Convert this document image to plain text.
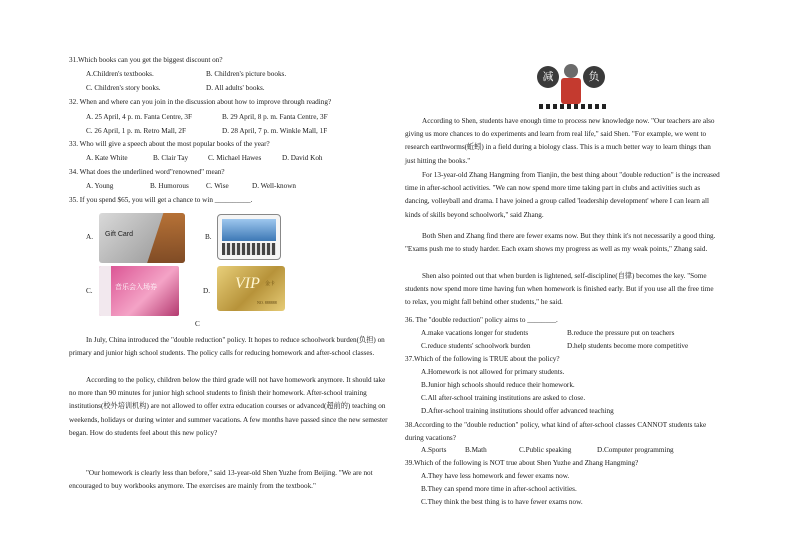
31.Which books can you get the biggest discount on?

A.Children's textbooks.	B. Children's picture books.

C. Children's story books.	D. All adults' books.

32. When and where can you join in the discussion about how to improve through reading?

A. 25 April, 4 p. m. Fanta Centre, 3F	B. 29 April, 8 p. m. Fanta Centre, 3F

C. 26 April, 1 p. m. Retro Mall, 2F	D. 28 April, 7 p. m. Winkle Mall, 1F

33. Who will give a speech about the most popular books of the year?

A. Kate White	B. Clair Tay	C. Michael Hawes	D. David Koh

34. What does the underlined word"renowned" mean?

A. Young	B. Humorous C. Wise	D. Well-known

35. If you spend $65, you will get a chance to win __________.

A. Gift Card	B.

C.	音乐会入场券	D. VIP 金卡
NO. 888888

C

In July, China introduced the "double reduction" policy. It hopes to reduce schoolwork burden(负担) on primary and junior high school students. The policy calls for reducing homework and after-school classes.

According to the policy, children below the third grade will not have homework anymore. It should take no more than 90 minutes for junior high school students to finish their homework. After-school training institutions(校外培训机构) are not allowed to offer extra education courses or advanced(超前的) teaching on weekends, holidays or during winter and summer vacations. A few months have passed since the new semester began. How do students feel about this new policy?

"Our homework is clearly less than before," said 13-year-old Shen Yuzhe from Beijing. "We are not encouraged to buy workbooks anymore. The exercises are mainly from the textbook."

减	负

According to Shen, students have enough time to process new knowledge now. "Our teachers are also giving us more chances to do experiments and learn from real life," said Shen. "For example, we went to research earthworms(蚯蚓) in a field during a biology class. This is a much better way to learn things than just hitting the books."

For 13-year-old Zhang Hangming from Tianjin, the best thing about "double reduction" is the increased time in after-school activities. "We can now spend more time taking part in clubs and activities such as dancing, volleyball and drama. I have joined a group called 'leadership development' where I can learn all kinds of skills beyond schoolwork," said Zhang.

Both Shen and Zhang find there are fewer exams now. But they think it's not necessarily a good thing. "Exams push me to study harder. Each exam shows my progress as well as my weak points," Zhang said.

Shen also pointed out that when burden is lightened, self-discipline(自律) becomes the key. "Some students now spend more time having fun when homework is finished early. But if you use all the free time to relax, you might fall behind other students," he said.

36. The "double reduction" policy aims to ________.

A.make vacations longer for students	B.reduce the pressure put on teachers

C.reduce students' schoolwork burden	D.help students become more competitive

37.Which of the following is TRUE about the policy?

A.Homework is not allowed for primary students.

B.Junior high schools should reduce their homework.

C.All after-school training institutions are asked to close.

D.After-school training institutions should offer advanced teaching

38.According to the "double reduction" policy, what kind of after-school classes CANNOT students take during vacations?

A.Sports	B.Math	C.Public speaking	D.Computer programming

39.Which of the following is NOT true about Shen Yuzhe and Zhang Hangming?

A.They have less homework and fewer exams now.

B.They can spend more time in after-school activities.

C.They think the best thing is to have fewer exams now.
